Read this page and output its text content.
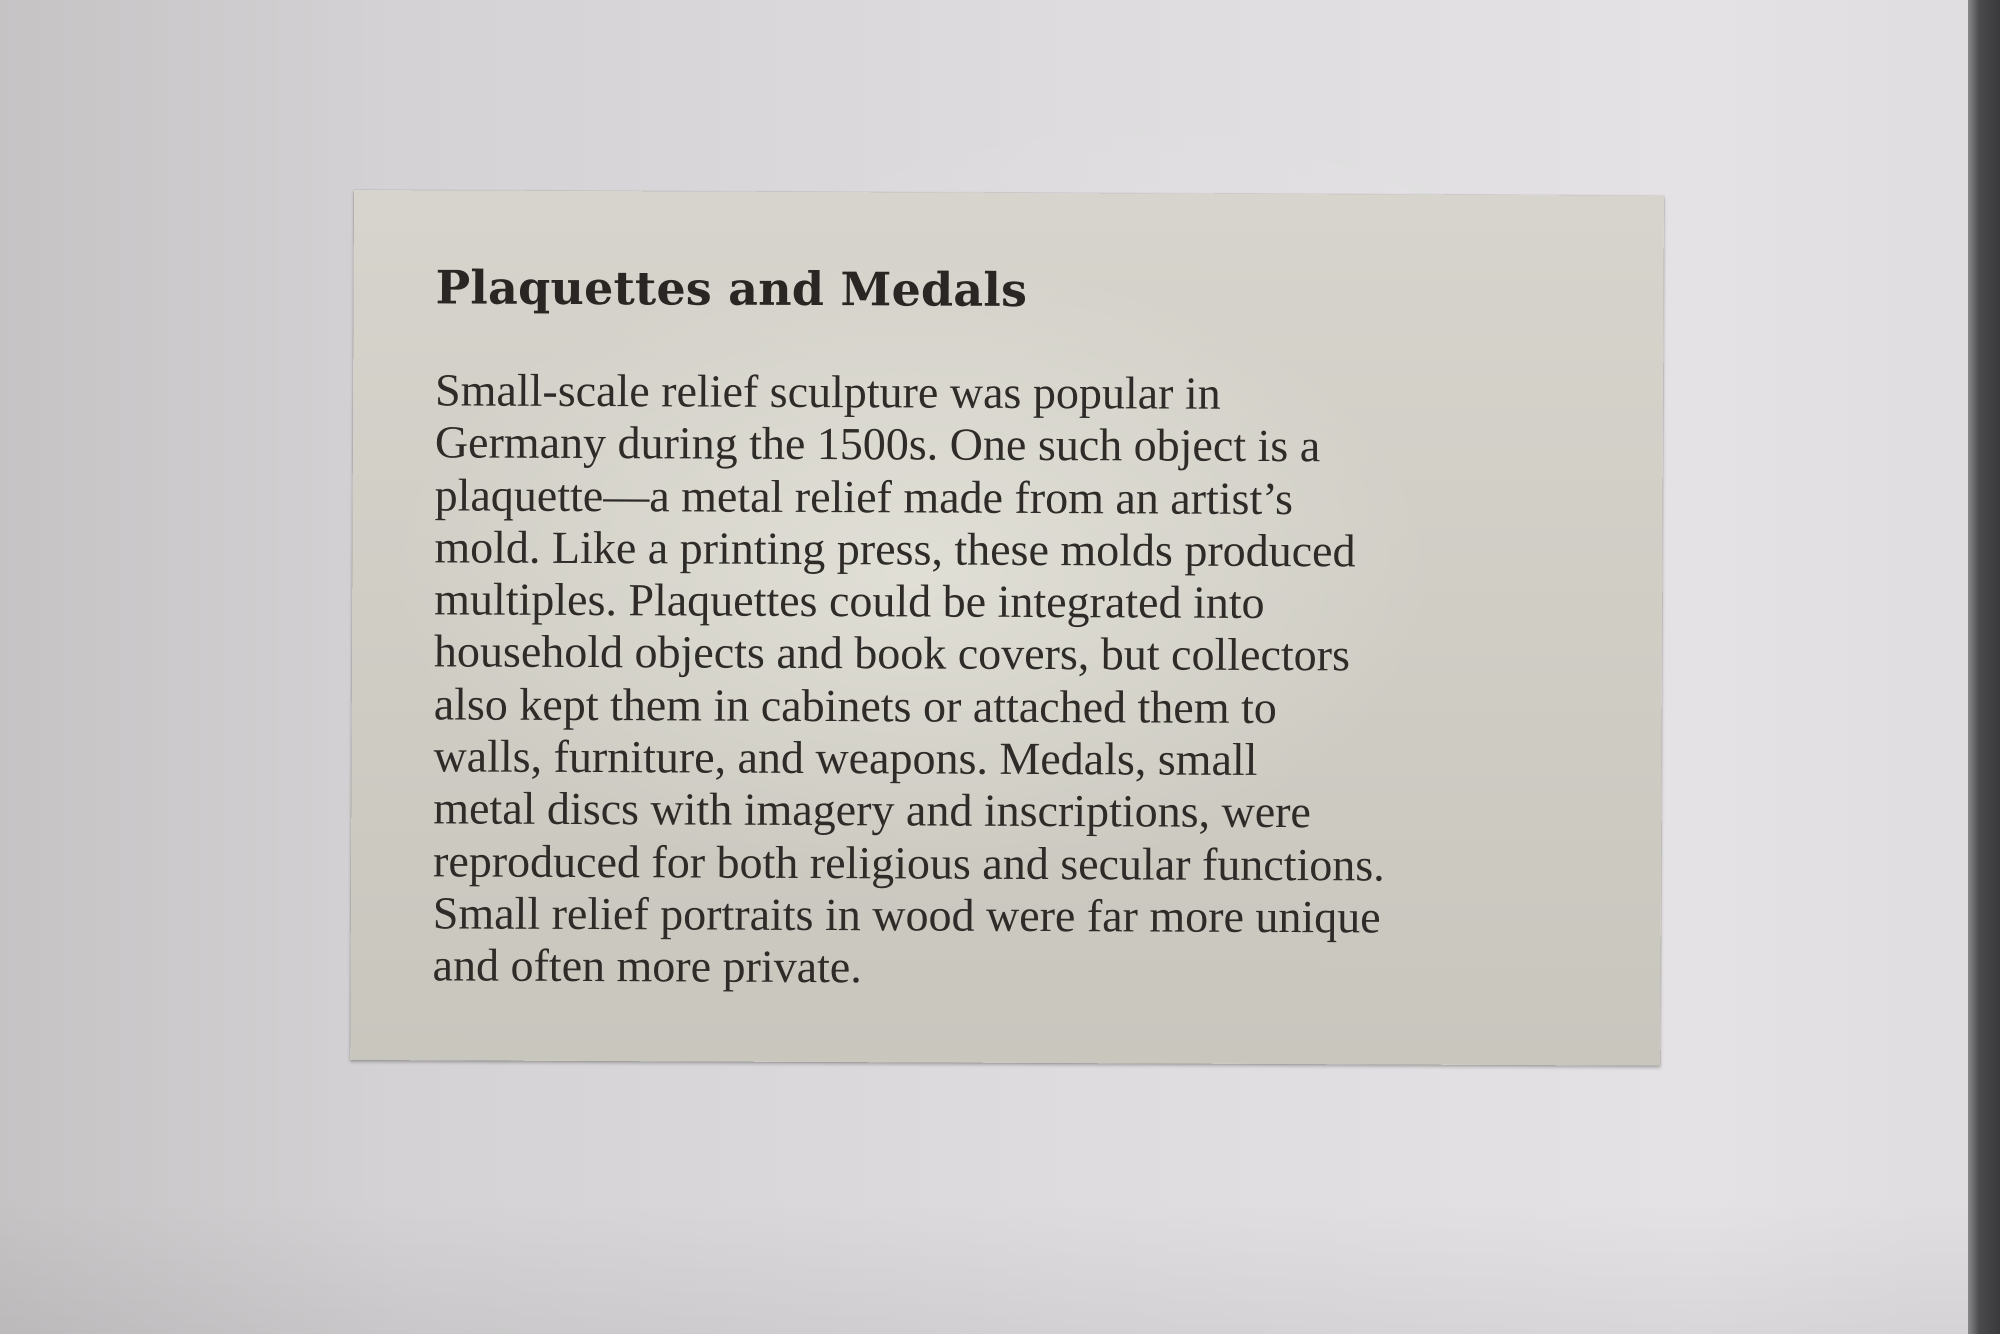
Plaquettes and Medals

Small-scale relief sculpture was popular in
Germany during the 1500s. One such object is a
plaquette—a metal relief made from an artist’s
mold. Like a printing press, these molds produced
multiples. Plaquettes could be integrated into
household objects and book covers, but collectors
also kept them in cabinets or attached them to
walls, furniture, and weapons. Medals, small
metal discs with imagery and inscriptions, were
reproduced for both religious and secular functions.
Small relief portraits in wood were far more unique
and often more private.
